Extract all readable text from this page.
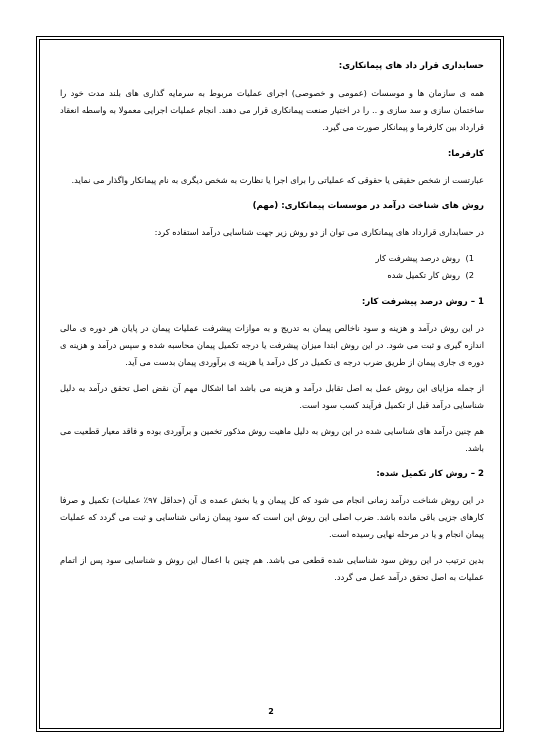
حسابداری قرار داد های پیمانکاری:

همه ی سازمان ها و موسسات (عمومی و خصوصی) اجرای عملیات مربوط به سرمایه گذاری های بلند مدت خود را ساختمان سازی و سد سازی و .. را در اختیار صنعت پیمانکاری قرار می دهند. انجام عملیات اجرایی معمولا به واسطه انعقاد قرارداد بین کارفرما و پیمانکار صورت می گیرد.

کارفرما:

عبارتست از شخص حقیقی یا حقوقی که عملیاتی را برای اجرا یا نظارت به شخص دیگری به نام پیمانکار واگذار می نماید.

روش های شناخت درآمد در موسسات پیمانکاری: (مهم)

در حسابداری قرارداد های پیمانکاری می توان از دو روش زیر جهت شناسایی درآمد استفاده کرد:

1)روش درصد پیشرفت کار
2)روش کار تکمیل شده

1 – روش درصد پیشرفت کار:

در این روش درآمد و هزینه و سود ناخالص پیمان به تدریج و به موازات پیشرفت عملیات پیمان در پایان هر دوره ی مالی اندازه گیری و ثبت می شود. در این روش ابتدا میزان پیشرفت یا درجه تکمیل پیمان محاسبه شده و سپس درآمد و هزینه ی دوره ی جاری پیمان از طریق ضرب درجه ی تکمیل در کل درآمد یا هزینه ی برآوردی پیمان بدست می آید.

از جمله مزایای این روش عمل به اصل تقابل درآمد و هزینه می باشد اما اشکال مهم آن نقض اصل تحقق درآمد به دلیل شناسایی درآمد قبل از تکمیل فرآیند کسب سود است.

هم چنین درآمد های شناسایی شده در این روش به دلیل ماهیت روش مذکور تخمین و برآوردی بوده و فاقد معیار قطعیت می باشد.

2 – روش کار تکمیل شده:

در این روش شناخت درآمد زمانی انجام می شود که کل پیمان و یا بخش عمده ی آن (حداقل ۹۷٪ عملیات) تکمیل و صرفا کارهای جزیی باقی مانده باشد. ضرب اصلی این روش این است که سود پیمان زمانی شناسایی و ثبت می گردد که عملیات پیمان انجام و یا در مرحله نهایی رسیده است.

بدین ترتیب در این روش سود شناسایی شده قطعی می باشد. هم چنین با اعمال این روش و شناسایی سود پس از اتمام عملیات به اصل تحقق درآمد عمل می گردد.

2
